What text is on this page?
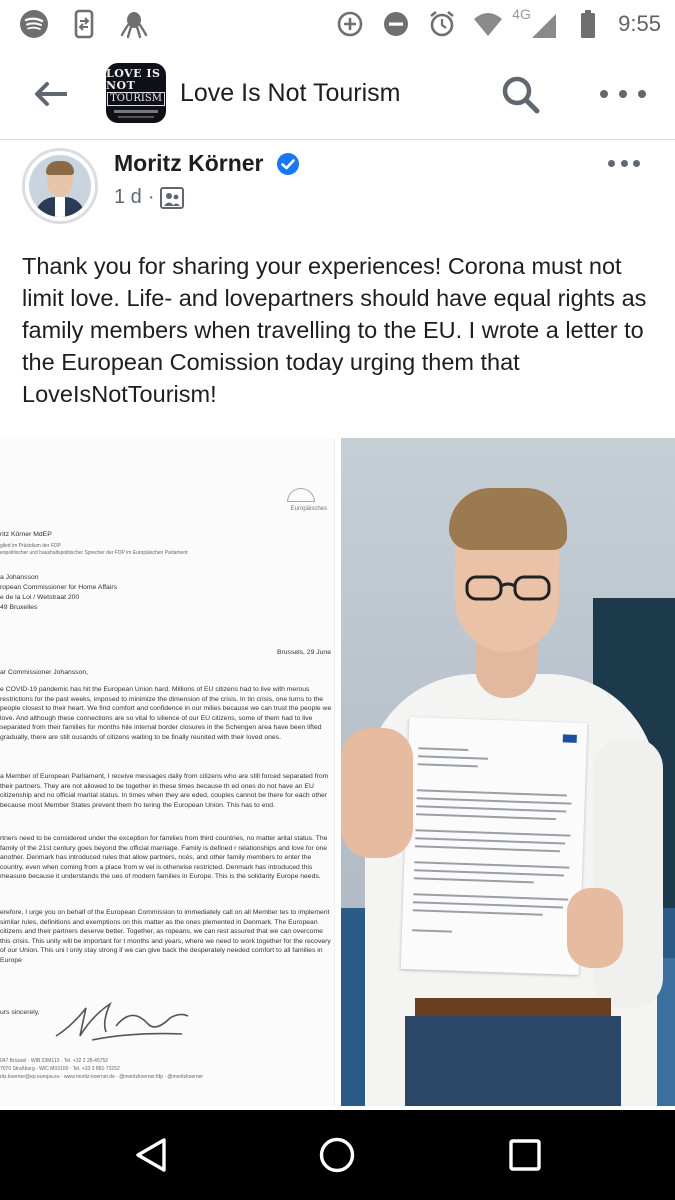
4G	9:55
LOVE IS NOT
TOURISM Love Is Not Tourism
Moritz Körner
1 d ·
Thank you for sharing your experiences! Corona must not limit love. Life- and lovepartners should have equal rights as family members when travelling to the EU. I wrote a letter to the European Comission today urging them that LoveIsNotTourism!
Europäisches
ritz Körner MdEP
glied im Präsidium der FDP
enpolitischer und haushaltspolitischer Sprecher der FDP im Europäischen Parlament
a Johansson
ropean Commissioner for Home Affairs
e de la Loi / Wetstraat 200
49 Bruxelles
Brussels, 29 June
ar Commissioner Johansson,
e COVID-19 pandemic has hit the European Union hard. Millions of EU citizens had to live with merous restrictions for the past weeks, imposed to minimize the dimension of the crisis. In tin crisis, one turns to the people closest to their heart. We find comfort and confidence in our milies because we can trust the people we love. And although these connections are so vital fo silience of our EU citizens, some of them had to live separated from their families for months hile internal border closures in the Schengen area have been lifted gradually, there are still ousands of citizens waiting to be finally reunited with their loved ones.
a Member of European Parliament, I receive messages daily from citizens who are still forced separated from their partners. They are not allowed to be together in these times because th ed ones do not have an EU citizenship and no official marital status. In times when they are eded, couples cannot be there for each other because most Member States prevent them fro tering the European Union. This has to end.
rtners need to be considered under the exception for families from third countries, no matter arital status. The family of the 21st century goes beyond the official marriage. Family is defined r relationships and love for one another. Denmark has introduced rules that allow partners, ncés, and other family members to enter the country, even when coming from a place from w vel is otherwise restricted. Denmark has introduced this measure because it understands the ues of modern families in Europe. This is the solidarity Europe needs.
erefore, I urge you on behalf of the European Commission to immediately call on all Member tes to implement similar rules, definitions and exemptions on this matter as the ones plemented in Denmark. The European citizens and their partners deserve better. Together, as ropeans, we can rest assured that we can overcome this crisis. This unity will be important for t months and years, where we need to work together for the recovery of our Union. This uni l only stay strong if we can give back the desperately needed comfort to all families in Europe
urs sincerely,
047 Brüssel · WIB 03M113 · Tel. +32 2 28-45752
7070 Straßburg · WIC M03100 · Tel. +33 3 881-73152
ritz.koerner@ep.europa.eu · www.moritz-koerner.de · @moritzkoerner.fdp · @moritzkoerner
